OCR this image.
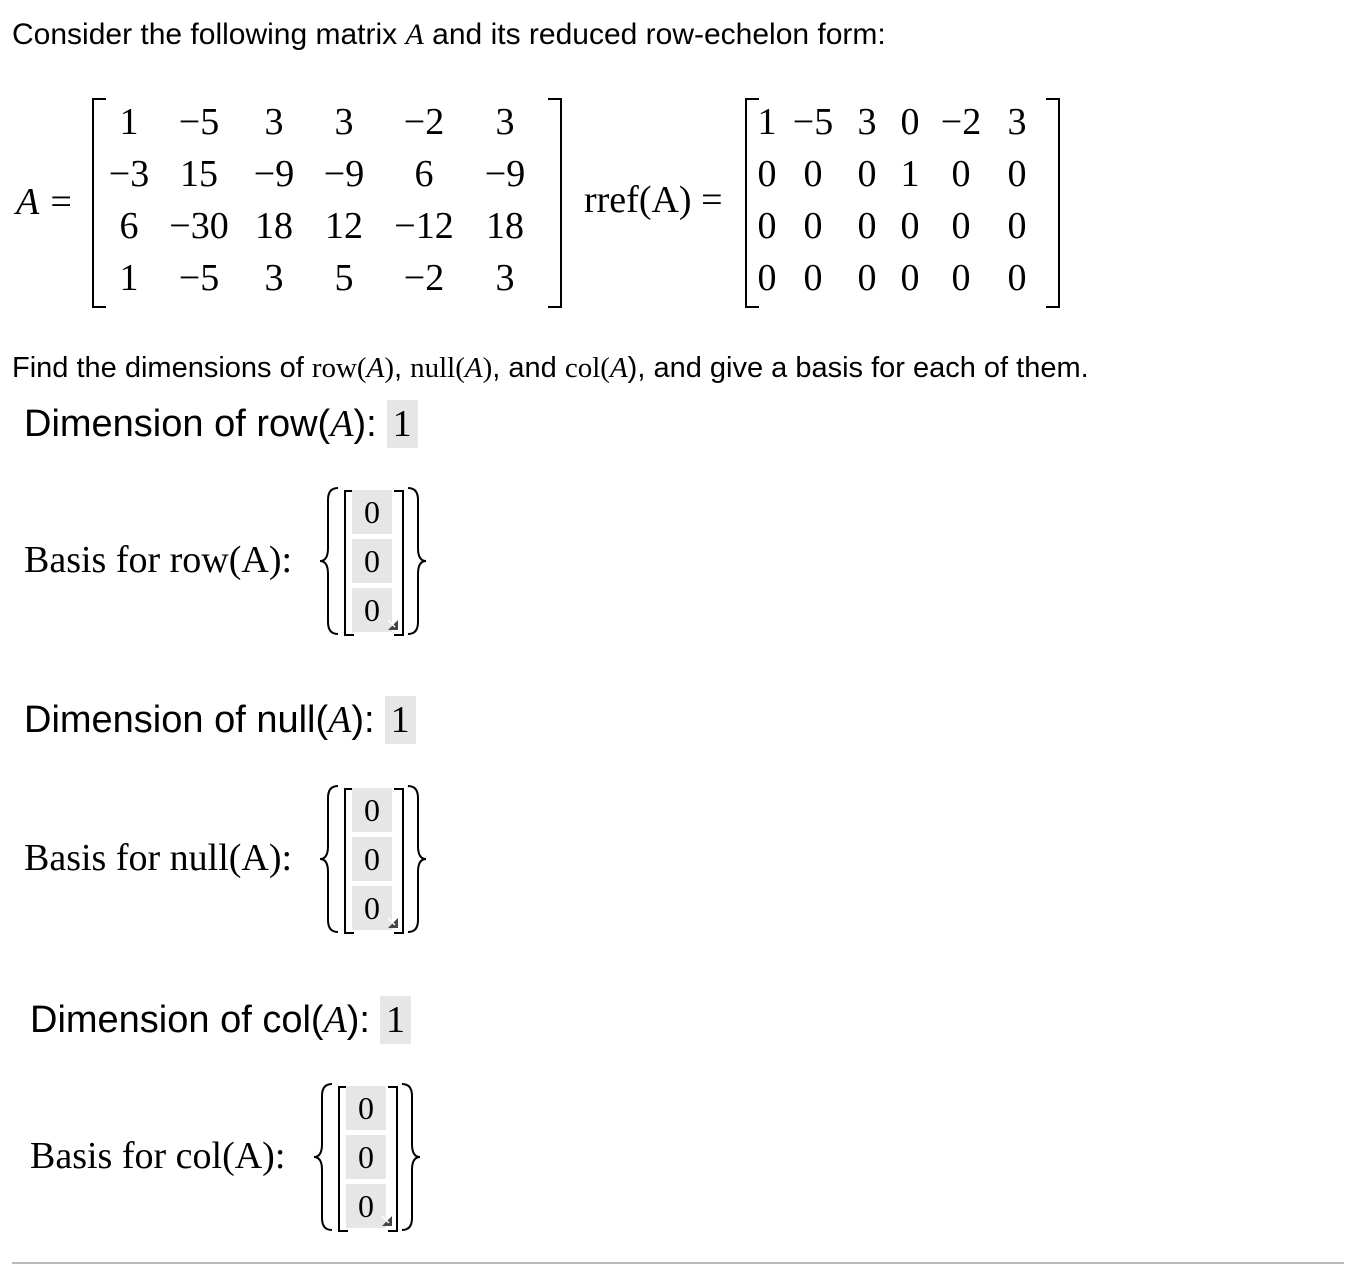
Consider the following matrix A and its reduced row-echelon form:
A =
1 −5 3 3 −2 3
−3 15 −9 −9 6 −9
6 −30 18 12 −12 18
1 −5 3 5 −2 3
rref(A) =
1 −5 3 0 −2 3
0 0 0 1 0 0
0 0 0 0 0 0
0 0 0 0 0 0
Find the dimensions of row(A), null(A), and col(A), and give a basis for each of them.
Dimension of row( A ): 1
Basis for row(A):
0
0
0
Dimension of null( A ): 1
Basis for null(A):
0
0
0
Dimension of col( A ): 1
Basis for col(A):
0
0
0
